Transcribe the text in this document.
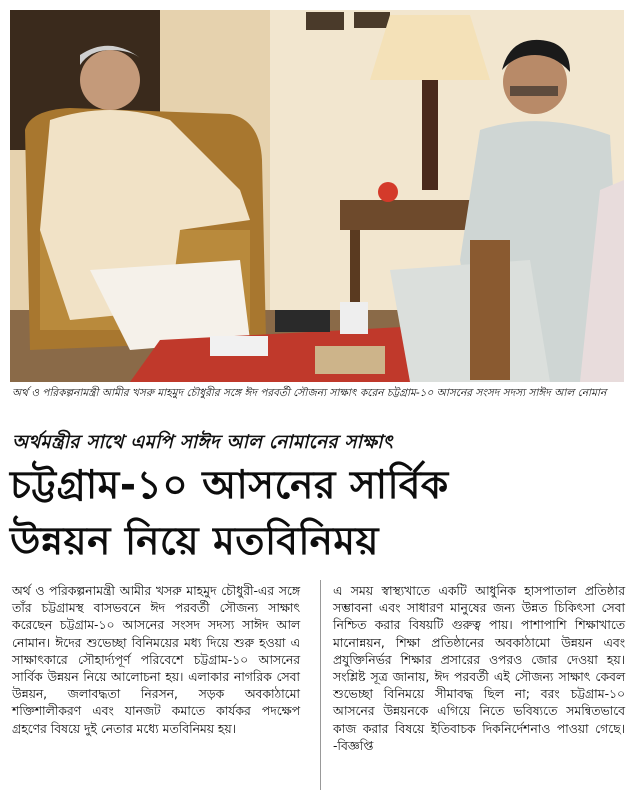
অর্থ ও পরিকল্পনামন্ত্রী আমীর খসরু মাহমুদ চৌধুরীর সঙ্গে ঈদ পরবর্তী সৌজন্য সাক্ষাৎ করেন চট্টগ্রাম-১০ আসনের সংসদ সদস্য সাঈদ আল নোমান
অর্থমন্ত্রীর সাথে এমপি সাঈদ আল নোমানের সাক্ষাৎ
চট্টগ্রাম-১০ আসনের সার্বিক
উন্নয়ন নিয়ে মতবিনিময়
অর্থ ও পরিকল্পনামন্ত্রী আমীর খসরু মাহমুদ চৌধুরী-এর সঙ্গে তাঁর চট্টগ্রামস্থ বাসভবনে ঈদ পরবর্তী সৌজন্য সাক্ষাৎ করেছেন চট্টগ্রাম-১০ আসনের সংসদ সদস্য সাঈদ আল নোমান। ঈদের শুভেচ্ছা বিনিময়ের মধ্য দিয়ে শুরু হওয়া এ সাক্ষাৎকারে সৌহার্দ্যপূর্ণ পরিবেশে চট্টগ্রাম-১০ আসনের সার্বিক উন্নয়ন নিয়ে আলোচনা হয়। এলাকার নাগরিক সেবা উন্নয়ন, জলাবদ্ধতা নিরসন, সড়ক অবকাঠামো শক্তিশালীকরণ এবং যানজট কমাতে কার্যকর পদক্ষেপ গ্রহণের বিষয়ে দুই নেতার মধ্যে মতবিনিময় হয়।
এ সময় স্বাস্থ্যখাতে একটি আধুনিক হাসপাতাল প্রতিষ্ঠার সম্ভাবনা এবং সাধারণ মানুষের জন্য উন্নত চিকিৎসা সেবা নিশ্চিত করার বিষয়টি গুরুত্ব পায়। পাশাপাশি শিক্ষাখাতে মানোন্নয়ন, শিক্ষা প্রতিষ্ঠানের অবকাঠামো উন্নয়ন এবং প্রযুক্তিনির্ভর শিক্ষার প্রসারের ওপরও জোর দেওয়া হয়। সংশ্লিষ্ট সূত্র জানায়, ঈদ পরবর্তী এই সৌজন্য সাক্ষাৎ কেবল শুভেচ্ছা বিনিময়ে সীমাবদ্ধ ছিল না; বরং চট্টগ্রাম-১০ আসনের উন্নয়নকে এগিয়ে নিতে ভবিষ্যতে সমন্বিতভাবে কাজ করার বিষয়ে ইতিবাচক দিকনির্দেশনাও পাওয়া গেছে। -বিজ্ঞপ্তি
